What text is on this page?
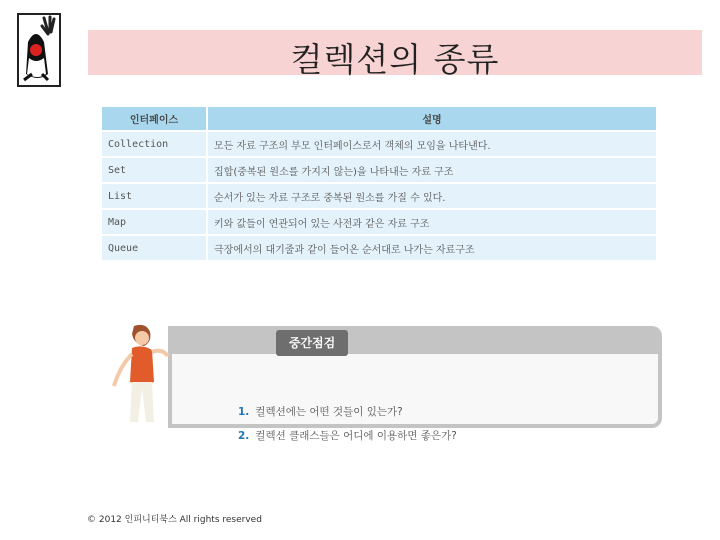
컬렉션의 종류
인터페이스	설명
Collection	모든 자료 구조의 부모 인터페이스로서 객체의 모임을 나타낸다.
Set	집합(중복된 원소를 가지지 않는)을 나타내는 자료 구조
List	순서가 있는 자료 구조로 중복된 원소를 가질 수 있다.
Map	키와 값들이 연관되어 있는 사전과 같은 자료 구조
Queue	극장에서의 대기줄과 같이 들어온 순서대로 나가는 자료구조
1. 컬렉션에는 어떤 것들이 있는가?
2. 컬렉션 클래스들은 어디에 이용하면 좋은가?
중간점검
© 2012 인피니티북스 All rights reserved
